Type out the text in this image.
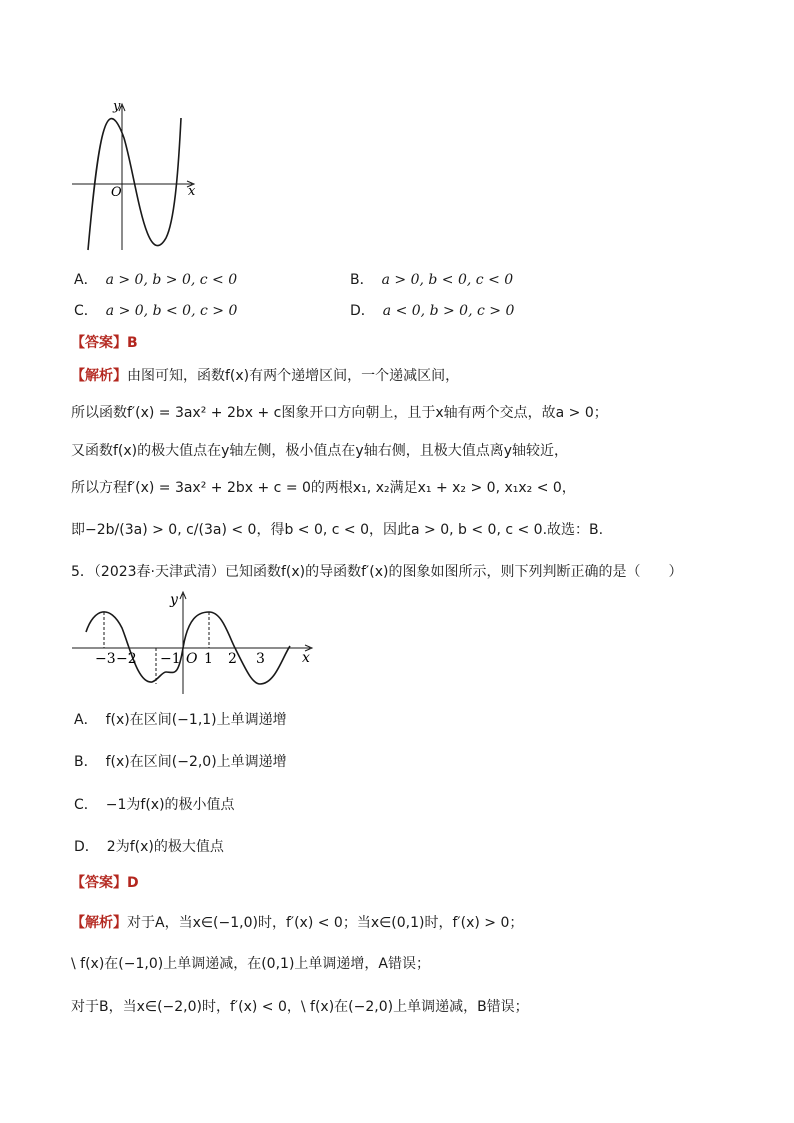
y
x
O
A． a > 0, b > 0, c < 0	B． a > 0, b < 0, c < 0
C． a > 0, b < 0, c > 0	D． a < 0, b > 0, c > 0
【答案】B
【解析】由图可知，函数f(x)有两个递增区间，一个递减区间，
所以函数f′(x) = 3ax² + 2bx + c图象开口方向朝上，且于x轴有两个交点，故a > 0；
又函数f(x)的极大值点在y轴左侧，极小值点在y轴右侧，且极大值点离y轴较近，
所以方程f′(x) = 3ax² + 2bx + c = 0的两根x₁, x₂满足x₁ + x₂ > 0, x₁x₂ < 0，
即−2b/(3a) > 0, c/(3a) < 0，得b < 0, c < 0，因此a > 0, b < 0, c < 0.故选：B.
5．（2023春·天津武清）已知函数f(x)的导函数f′(x)的图象如图所示，则下列判断正确的是（　　）
y
x
O
−3 −2 −1 1 2 3
A． f(x)在区间(−1,1)上单调递增
B． f(x)在区间(−2,0)上单调递增
C． −1为f(x)的极小值点
D． 2为f(x)的极大值点
【答案】D
【解析】对于A，当x∈(−1,0)时，f′(x) < 0；当x∈(0,1)时，f′(x) > 0；
\ f(x)在(−1,0)上单调递减，在(0,1)上单调递增，A错误；
对于B，当x∈(−2,0)时，f′(x) < 0，\ f(x)在(−2,0)上单调递减，B错误；
